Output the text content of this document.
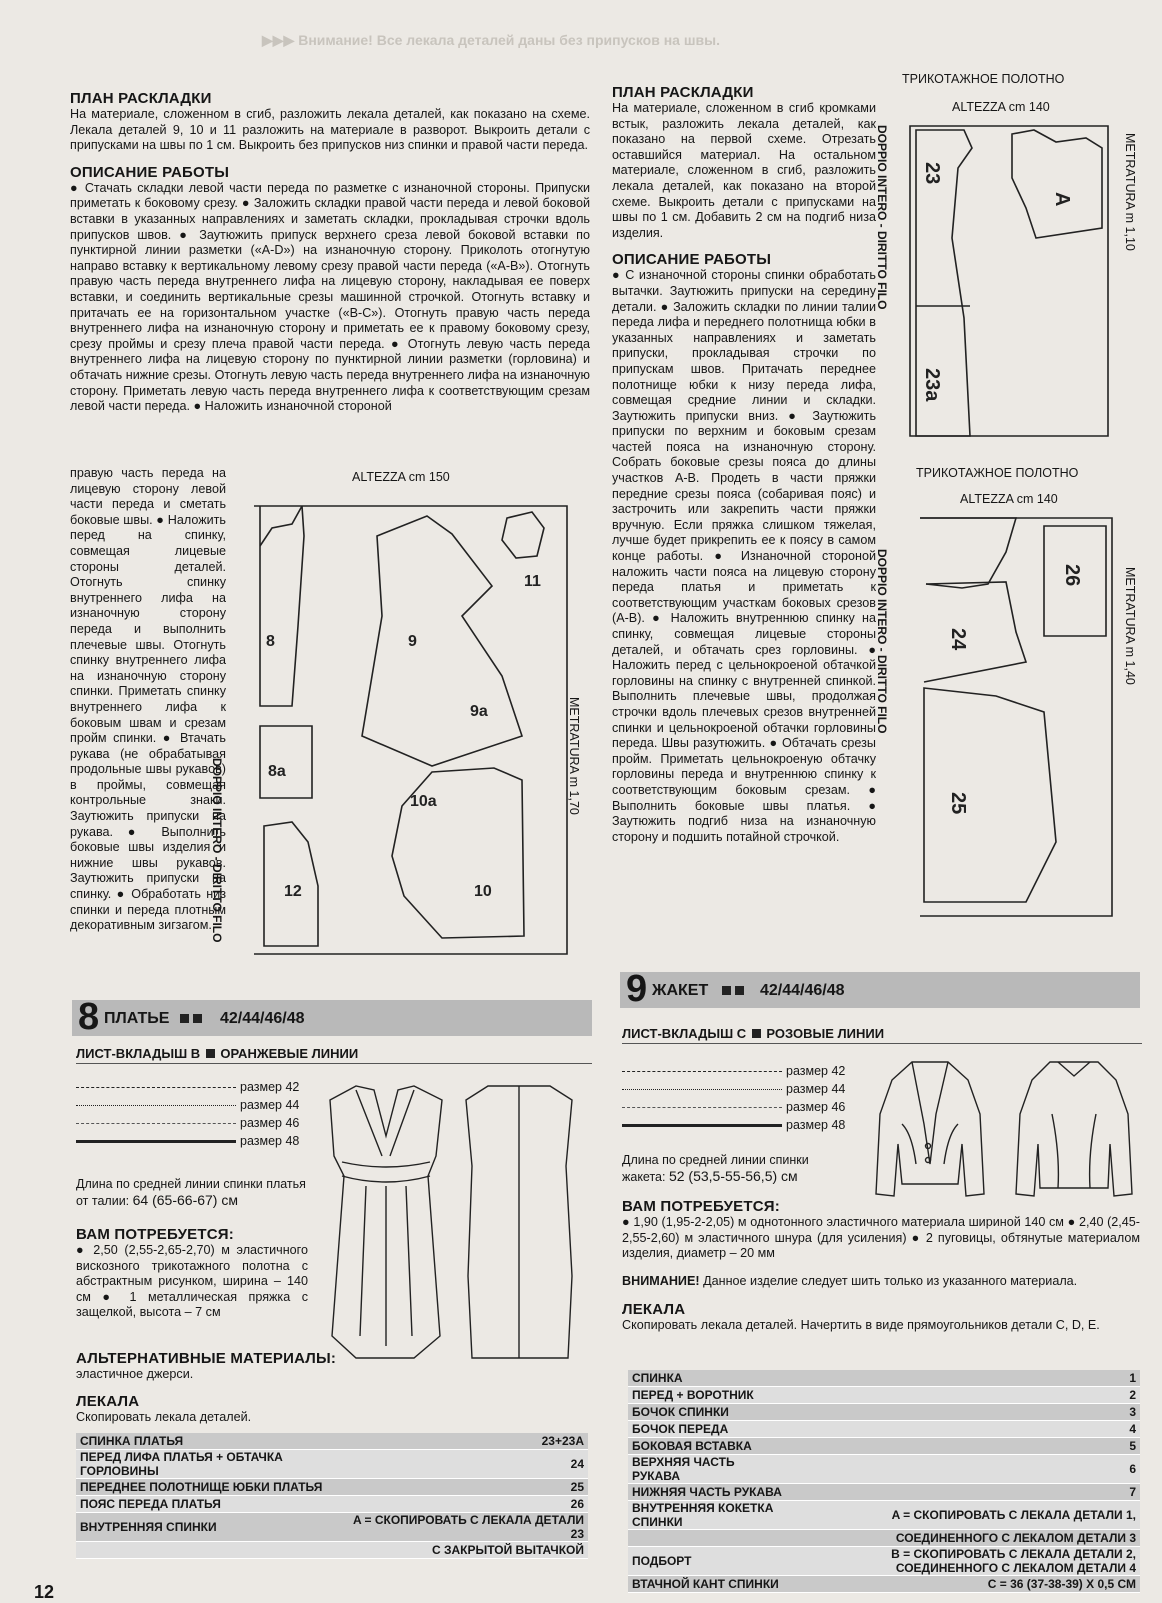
▶▶▶ Внимание! Все лекала деталей даны без припусков на швы.
ПЛАН РАСКЛАДКИ

На материале, сложенном в сгиб, разложить лекала деталей, как показано на схеме. Лекала деталей 9, 10 и 11 разложить на материале в разворот. Выкроить детали с припусками на швы по 1 см. Выкроить без припусков низ спинки и правой части переда.

ОПИСАНИЕ РАБОТЫ

● Стачать складки левой части переда по разметке с изнаночной стороны. Припуски приметать к боковому срезу. ● Заложить складки правой части переда и левой боковой вставки в указанных направлениях и заметать складки, прокладывая строчки вдоль припусков швов. ● Заутюжить припуск верхнего среза левой боковой вставки по пунктирной линии разметки («A-D») на изнаночную сторону. Приколоть отогнутую направо вставку к вертикальному левому срезу правой части переда («A-B»). Отогнуть правую часть переда внутреннего лифа на лицевую сторону, накладывая ее поверх вставки, и соединить вертикальные срезы машинной строчкой. Отогнуть вставку и притачать ее на горизонтальном участке («B-C»). Отогнуть правую часть переда внутреннего лифа на изнаночную сторону и приметать ее к правому боковому срезу, срезу проймы и срезу плеча правой части переда. ● Отогнуть левую часть переда внутреннего лифа на лицевую сторону по пунктирной линии разметки (горловина) и обтачать нижние срезы. Отогнуть левую часть переда внутреннего лифа на изнаночную сторону. Приметать левую часть переда внутреннего лифа к соответствующим срезам левой части переда. ● Наложить изнаночной стороной

правую часть переда на лицевую сторону левой части переда и сметать боковые швы. ● Наложить перед на спинку, совмещая лицевые стороны деталей. Отогнуть спинку внутреннего лифа на изнаночную сторону переда и выполнить плечевые швы. Отогнуть спинку внутреннего лифа на изнаночную сторону спинки. Приметать спинку внутреннего лифа к боковым швам и срезам пройм спинки. ● Втачать рукава (не обрабатывая продольные швы рукавов) в проймы, совмещая контрольные знаки. Заутюжить припуски на рукава. ● Выполнить боковые швы изделия и нижние швы рукавов. Заутюжить припуски на спинку. ● Обработать низ спинки и переда плотным декоративным зигзагом.

8
8a
9
9a
10
10a
11
12
ALTEZZA cm 150
DOPPIO INTERO - DIRITTO FILO
METRATURA m 1,70
8 ПЛАТЬЕ	42/44/46/48
ЛИСТ-ВКЛАДЫШ В ОРАНЖЕВЫЕ ЛИНИИ
размер 42
размер 44
размер 46
размер 48
Длина по средней линии спинки платья от талии: 64 (65-66-67) см
ВАМ ПОТРЕБУЕТСЯ:

● 2,50 (2,55-2,65-2,70) м эластичного вискозного трикотажного полотна с абстрактным рисунком, ширина – 140 см ● 1 металлическая пряжка с защелкой, высота – 7 см

АЛЬТЕРНАТИВНЫЕ МАТЕРИАЛЫ:

эластичное джерси.

ЛЕКАЛА

Скопировать лекала деталей.

СПИНКА ПЛАТЬЯ	23+23A
ПЕРЕД ЛИФА ПЛАТЬЯ + ОБТАЧКА ГОРЛОВИНЫ	24
ПЕРЕДНЕЕ ПОЛОТНИЩЕ ЮБКИ ПЛАТЬЯ	25
ПОЯС ПЕРЕДА ПЛАТЬЯ	26
ВНУТРЕННЯЯ СПИНКИ	A = СКОПИРОВАТЬ С ЛЕКАЛА ДЕТАЛИ 23
	С ЗАКРЫТОЙ ВЫТАЧКОЙ
ПЛАН РАСКЛАДКИ

На материале, сложенном в сгиб кромками встык, разложить лекала деталей, как показано на первой схеме. Отрезать оставшийся материал. На остальном материале, сложенном в сгиб, разложить лекала деталей, как показано на второй схеме. Выкроить детали с припусками на швы по 1 см. Добавить 2 см на подгиб низа изделия.

ОПИСАНИЕ РАБОТЫ

● С изнаночной стороны спинки обработать вытачки. Заутюжить припуски на середину детали. ● Заложить складки по линии талии переда лифа и переднего полотнища юбки в указанных направлениях и заметать припуски, прокладывая строчки по припускам швов. Притачать переднее полотнище юбки к низу переда лифа, совмещая средние линии и складки. Заутюжить припуски вниз. ● Заутюжить припуски по верхним и боковым срезам частей пояса на изнаночную сторону. Собрать боковые срезы пояса до длины участков A-B. Продеть в части пряжки передние срезы пояса (собаривая пояс) и застрочить или закрепить части пряжки вручную. Если пряжка слишком тяжелая, лучше будет прикрепить ее к поясу в самом конце работы. ● Изнаночной стороной наложить части пояса на лицевую сторону переда платья и приметать к соответствующим участкам боковых срезов (A-B). ● Наложить внутреннюю спинку на спинку, совмещая лицевые стороны деталей, и обтачать срез горловины. ● Наложить перед с цельнокроеной обтачкой горловины на спинку с внутренней спинкой. Выполнить плечевые швы, продолжая строчки вдоль плечевых срезов внутренней спинки и цельнокроеной обтачки горловины переда. Швы разутюжить. ● Обтачать срезы пройм. Приметать цельнокроеную обтачку горловины переда и внутреннюю спинку к соответствующим боковым срезам. ● Выполнить боковые швы платья. ● Заутюжить подгиб низа на изнаночную сторону и подшить потайной строчкой.

ТРИКОТАЖНОЕ ПОЛОТНО
ALTEZZA cm 140
23
23a
A
DOPPIO INTERO - DIRITTO FILO	METRATURA m 1,10
ТРИКОТАЖНОЕ ПОЛОТНО
ALTEZZA cm 140
24
25
26
DOPPIO INTERO - DIRITTO FILO	METRATURA m 1,40
9 ЖАКЕТ	42/44/46/48
ЛИСТ-ВКЛАДЫШ С РОЗОВЫЕ ЛИНИИ
размер 42
размер 44
размер 46
размер 48
Длина по средней линии спинки жакета: 52 (53,5-55-56,5) см
ВАМ ПОТРЕБУЕТСЯ:

● 1,90 (1,95-2-2,05) м однотонного эластичного материала шириной 140 см ● 2,40 (2,45-2,55-2,60) м эластичного шнура (для усиления) ● 2 пуговицы, обтянутые материалом изделия, диаметр – 20 мм

ВНИМАНИЕ! Данное изделие следует шить только из указанного материала.

ЛЕКАЛА

Скопировать лекала деталей. Начертить в виде прямоугольников детали С, D, E.

СПИНКА	1
ПЕРЕД + ВОРОТНИК	2
БОЧОК СПИНКИ	3
БОЧОК ПЕРЕДА	4
БОКОВАЯ ВСТАВКА	5
ВЕРХНЯЯ ЧАСТЬ РУКАВА	6
НИЖНЯЯ ЧАСТЬ РУКАВА	7
ВНУТРЕННЯЯ КОКЕТКА СПИНКИ	A = СКОПИРОВАТЬ С ЛЕКАЛА ДЕТАЛИ 1,
	СОЕДИНЕННОГО С ЛЕКАЛОМ ДЕТАЛИ 3
ПОДБОРТ	B = СКОПИРОВАТЬ С ЛЕКАЛА ДЕТАЛИ 2, СОЕДИНЕННОГО С ЛЕКАЛОМ ДЕТАЛИ 4
ВТАЧНОЙ КАНТ СПИНКИ	C = 36 (37-38-39) X 0,5 СМ
12
